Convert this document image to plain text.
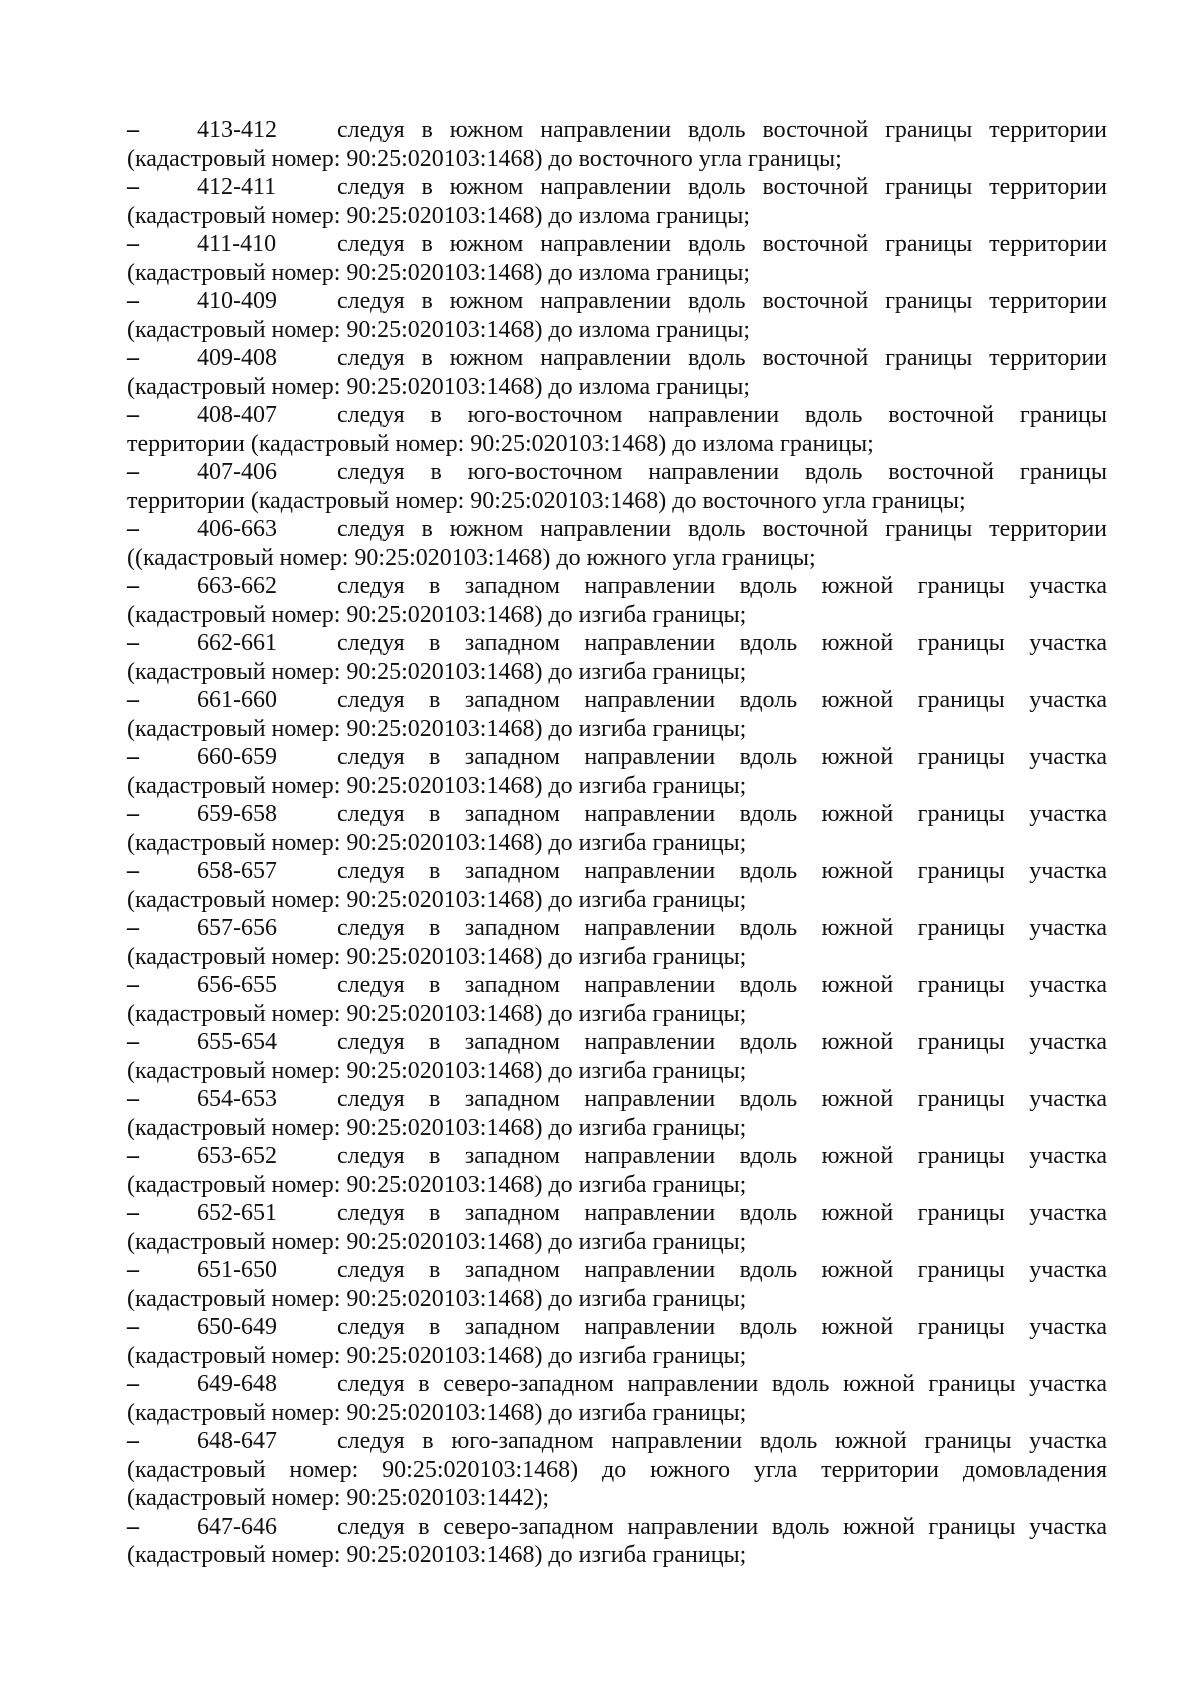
–	413-412	следуя в южном направлении вдоль восточной границы территории
(кадастровый номер: 90:25:020103:1468) до восточного угла границы;
–	412-411	следуя в южном направлении вдоль восточной границы территории
(кадастровый номер: 90:25:020103:1468) до излома границы;
–	411-410	следуя в южном направлении вдоль восточной границы территории
(кадастровый номер: 90:25:020103:1468) до излома границы;
–	410-409	следуя в южном направлении вдоль восточной границы территории
(кадастровый номер: 90:25:020103:1468) до излома границы;
–	409-408	следуя в южном направлении вдоль восточной границы территории
(кадастровый номер: 90:25:020103:1468) до излома границы;
–	408-407	следуя в юго-восточном направлении вдоль восточной границы
территории (кадастровый номер: 90:25:020103:1468) до излома границы;
–	407-406	следуя в юго-восточном направлении вдоль восточной границы
территории (кадастровый номер: 90:25:020103:1468) до восточного угла границы;
–	406-663	следуя в южном направлении вдоль восточной границы территории
((кадастровый номер: 90:25:020103:1468) до южного угла границы;
–	663-662	следуя в западном направлении вдоль южной границы участка
(кадастровый номер: 90:25:020103:1468) до изгиба границы;
–	662-661	следуя в западном направлении вдоль южной границы участка
(кадастровый номер: 90:25:020103:1468) до изгиба границы;
–	661-660	следуя в западном направлении вдоль южной границы участка
(кадастровый номер: 90:25:020103:1468) до изгиба границы;
–	660-659	следуя в западном направлении вдоль южной границы участка
(кадастровый номер: 90:25:020103:1468) до изгиба границы;
–	659-658	следуя в западном направлении вдоль южной границы участка
(кадастровый номер: 90:25:020103:1468) до изгиба границы;
–	658-657	следуя в западном направлении вдоль южной границы участка
(кадастровый номер: 90:25:020103:1468) до изгиба границы;
–	657-656	следуя в западном направлении вдоль южной границы участка
(кадастровый номер: 90:25:020103:1468) до изгиба границы;
–	656-655	следуя в западном направлении вдоль южной границы участка
(кадастровый номер: 90:25:020103:1468) до изгиба границы;
–	655-654	следуя в западном направлении вдоль южной границы участка
(кадастровый номер: 90:25:020103:1468) до изгиба границы;
–	654-653	следуя в западном направлении вдоль южной границы участка
(кадастровый номер: 90:25:020103:1468) до изгиба границы;
–	653-652	следуя в западном направлении вдоль южной границы участка
(кадастровый номер: 90:25:020103:1468) до изгиба границы;
–	652-651	следуя в западном направлении вдоль южной границы участка
(кадастровый номер: 90:25:020103:1468) до изгиба границы;
–	651-650	следуя в западном направлении вдоль южной границы участка
(кадастровый номер: 90:25:020103:1468) до изгиба границы;
–	650-649	следуя в западном направлении вдоль южной границы участка
(кадастровый номер: 90:25:020103:1468) до изгиба границы;
–	649-648	следуя в северо-западном направлении вдоль южной границы участка
(кадастровый номер: 90:25:020103:1468) до изгиба границы;
–	648-647	следуя в юго-западном направлении вдоль южной границы участка
(кадастровый номер: 90:25:020103:1468) до южного угла территории домовладения
(кадастровый номер: 90:25:020103:1442);
–	647-646	следуя в северо-западном направлении вдоль южной границы участка
(кадастровый номер: 90:25:020103:1468) до изгиба границы;
